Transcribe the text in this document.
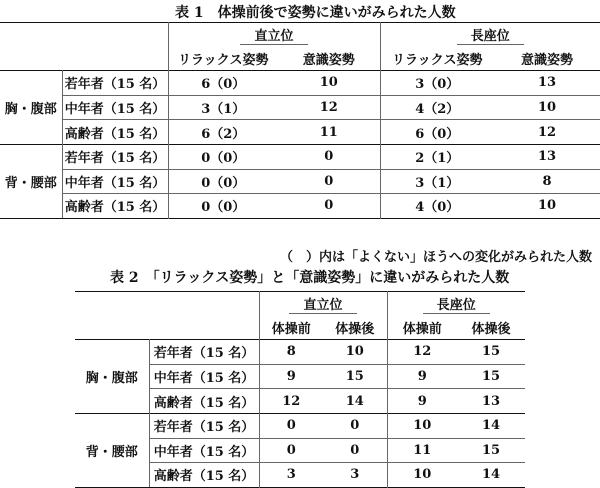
表 1　体操前後で姿勢に違いがみられた人数
		直立位		長座位	
		リラックス姿勢	意識姿勢	リラックス姿勢	意識姿勢
胸・腹部	若年者（15 名）	6（0）	10	3（0）	13
	中年者（15 名）	3（1）	12	4（2）	10
	高齢者（15 名）	6（2）	11	6（0）	12
背・腰部	若年者（15 名）	0（0）	0	2（1）	13
	中年者（15 名）	0（0）	0	3（1）	8
	高齢者（15 名）	0（0）	0	4（0）	10
（　）内は「よくない」ほうへの変化がみられた人数
表 2　「リラックス姿勢」と「意識姿勢」に違いがみられた人数
		直立位		長座位	
		体操前	体操後	体操前	体操後
胸・腹部	若年者（15 名）	8	10	12	15
	中年者（15 名）	9	15	9	15
	高齢者（15 名）	12	14	9	13
背・腰部	若年者（15 名）	0	0	10	14
	中年者（15 名）	0	0	11	15
	高齢者（15 名）	3	3	10	14
